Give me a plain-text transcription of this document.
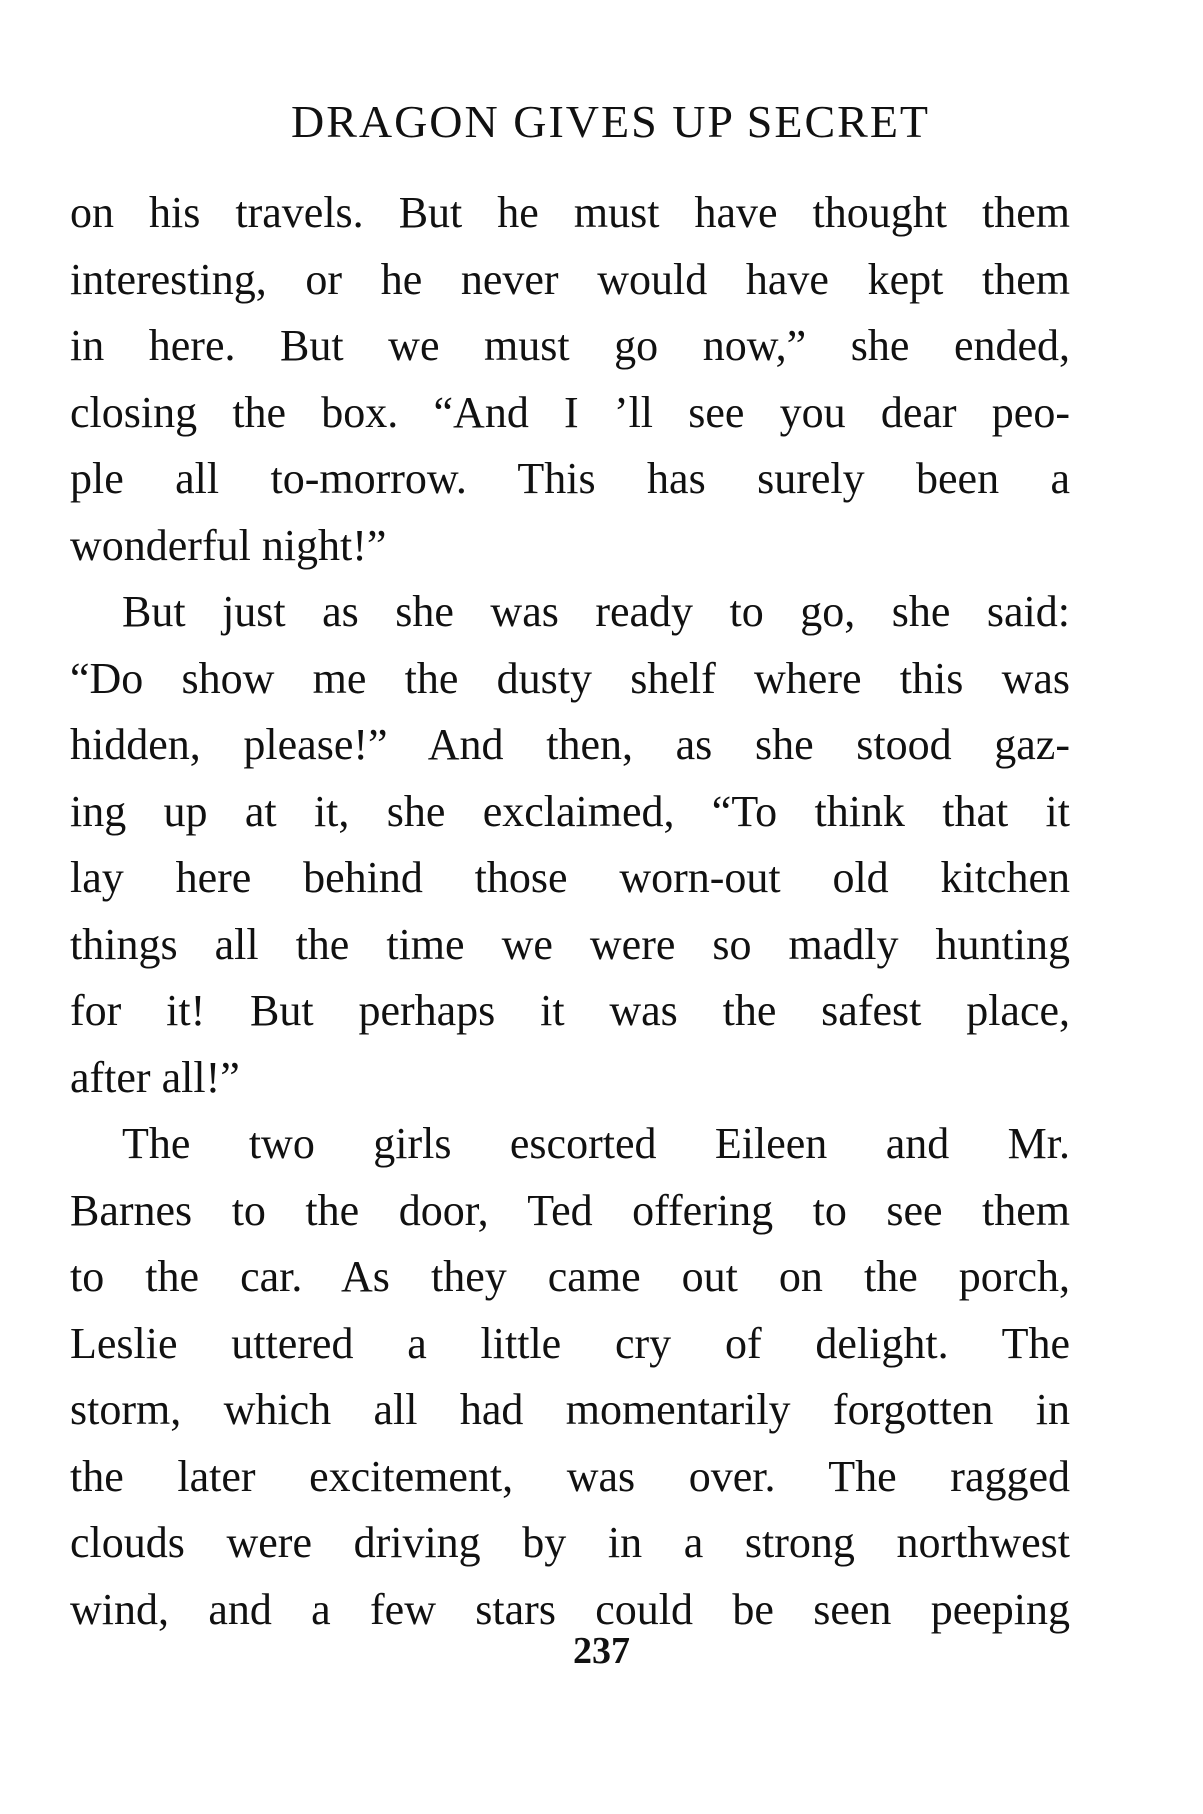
DRAGON GIVES UP SECRET
on his travels. But he must have thought them
interesting, or he never would have kept them
in here. But we must go now,” she ended,
closing the box. “And I ’ll see you dear peo-
ple all to-morrow. This has surely been a
wonderful night!”
But just as she was ready to go, she said:
“Do show me the dusty shelf where this was
hidden, please!” And then, as she stood gaz-
ing up at it, she exclaimed, “To think that it
lay here behind those worn-out old kitchen
things all the time we were so madly hunting
for it! But perhaps it was the safest place,
after all!”
The two girls escorted Eileen and Mr.
Barnes to the door, Ted offering to see them
to the car. As they came out on the porch,
Leslie uttered a little cry of delight. The
storm, which all had momentarily forgotten in
the later excitement, was over. The ragged
clouds were driving by in a strong northwest
wind, and a few stars could be seen peeping
237
